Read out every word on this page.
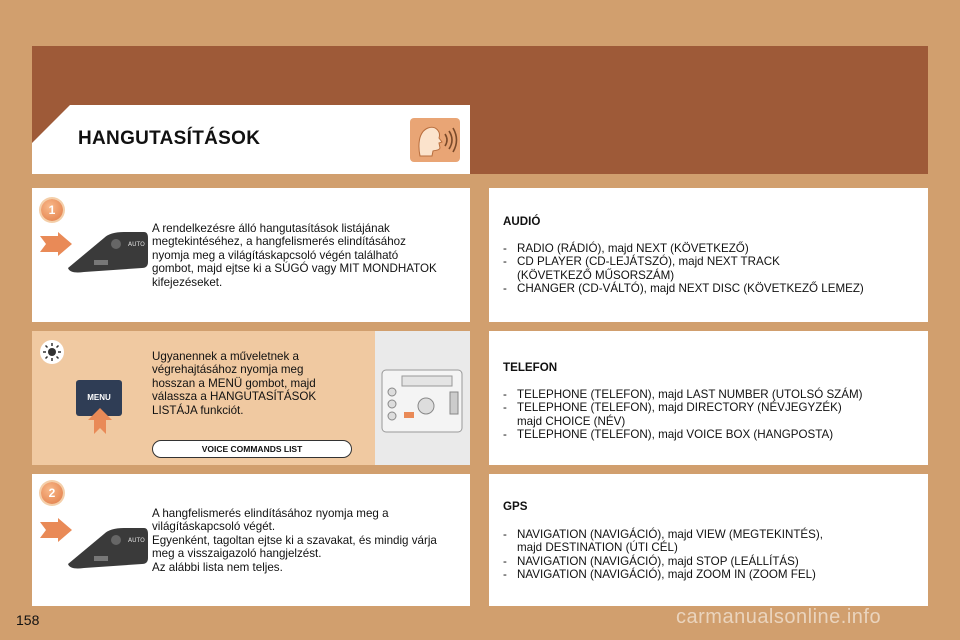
HANGUTASÍTÁSOK
1
AUTO
A rendelkezésre álló hangutasítások listájának
megtekintéséhez, a hangfelismerés elindításához
nyomja meg a világításkapcsoló végén található
gombot, majd ejtse ki a SÚGÓ vagy MIT MONDHATOK
kifejezéseket.
MENU
Ugyanennek a műveletnek a
végrehajtásához nyomja meg
hosszan a MENÜ gombot, majd
válassza a HANGUTASÍTÁSOK
LISTÁJA funkciót.
VOICE COMMANDS LIST
2
AUTO
A hangfelismerés elindításához nyomja meg a
világításkapcsoló végét.
Egyenként, tagoltan ejtse ki a szavakat, és mindig várja
meg a visszaigazoló hangjelzést.
Az alábbi lista nem teljes.
AUDIÓ
- RADIO (RÁDIÓ), majd NEXT (KÖVETKEZŐ)
- CD PLAYER (CD-LEJÁTSZÓ), majd NEXT TRACK
(KÖVETKEZŐ MŰSORSZÁM)
- CHANGER (CD-VÁLTÓ), majd NEXT DISC (KÖVETKEZŐ LEMEZ)
TELEFON
- TELEPHONE (TELEFON), majd LAST NUMBER (UTOLSÓ SZÁM)
- TELEPHONE (TELEFON), majd DIRECTORY (NÉVJEGYZÉK)
majd CHOICE (NÉV)
- TELEPHONE (TELEFON), majd VOICE BOX (HANGPOSTA)
GPS
- NAVIGATION (NAVIGÁCIÓ), majd VIEW (MEGTEKINTÉS),
majd DESTINATION (ÚTI CÉL)
- NAVIGATION (NAVIGÁCIÓ), majd STOP (LEÁLLÍTÁS)
- NAVIGATION (NAVIGÁCIÓ), majd ZOOM IN (ZOOM FEL)
158	carmanualsonline.info
